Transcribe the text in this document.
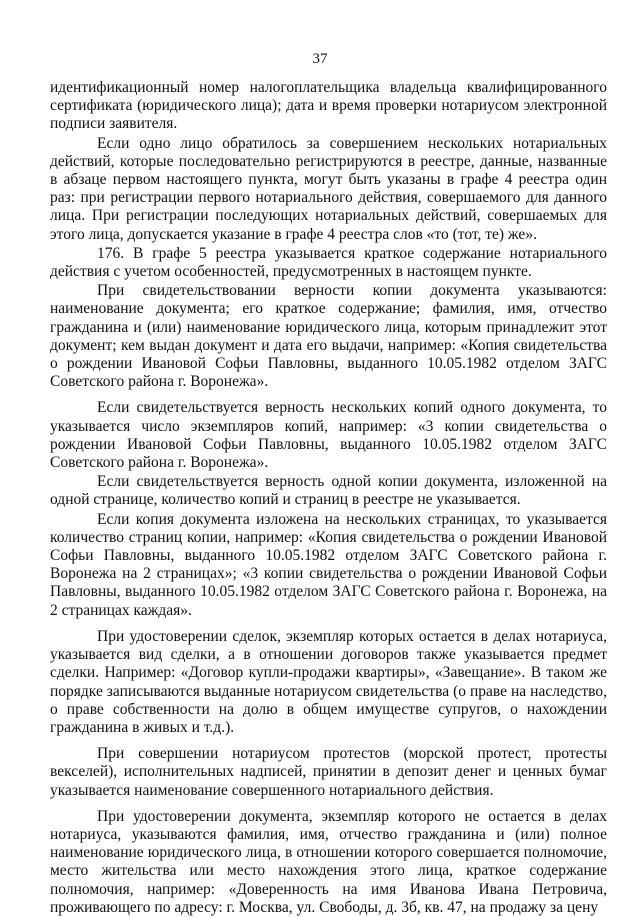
37

идентификационный номер налогоплательщика владельца квалифицированного сертификата (юридического лица); дата и время проверки нотариусом электронной подписи заявителя.

Если одно лицо обратилось за совершением нескольких нотариальных действий, которые последовательно регистрируются в реестре, данные, названные в абзаце первом настоящего пункта, могут быть указаны в графе 4 реестра один раз: при регистрации первого нотариального действия, совершаемого для данного лица. При регистрации последующих нотариальных действий, совершаемых для этого лица, допускается указание в графе 4 реестра слов «то (тот, те) же».

176. В графе 5 реестра указывается краткое содержание нотариального действия с учетом особенностей, предусмотренных в настоящем пункте.

При свидетельствовании верности копии документа указываются: наименование документа; его краткое содержание; фамилия, имя, отчество гражданина и (или) наименование юридического лица, которым принадлежит этот документ; кем выдан документ и дата его выдачи, например: «Копия свидетельства о рождении Ивановой Софьи Павловны, выданного 10.05.1982 отделом ЗАГС Советского района г. Воронежа».

Если свидетельствуется верность нескольких копий одного документа, то указывается число экземпляров копий, например: «3 копии свидетельства о рождении Ивановой Софьи Павловны, выданного 10.05.1982 отделом ЗАГС Советского района г. Воронежа».

Если свидетельствуется верность одной копии документа, изложенной на одной странице, количество копий и страниц в реестре не указывается.

Если копия документа изложена на нескольких страницах, то указывается количество страниц копии, например: «Копия свидетельства о рождении Ивановой Софьи Павловны, выданного 10.05.1982 отделом ЗАГС Советского района г. Воронежа на 2 страницах»; «3 копии свидетельства о рождении Ивановой Софьи Павловны, выданного 10.05.1982 отделом ЗАГС Советского района г. Воронежа, на 2 страницах каждая».

При удостоверении сделок, экземпляр которых остается в делах нотариуса, указывается вид сделки, а в отношении договоров также указывается предмет сделки. Например: «Договор купли-продажи квартиры», «Завещание». В таком же порядке записываются выданные нотариусом свидетельства (о праве на наследство, о праве собственности на долю в общем имуществе супругов, о нахождении гражданина в живых и т.д.).

При совершении нотариусом протестов (морской протест, протесты векселей), исполнительных надписей, принятии в депозит денег и ценных бумаг указывается наименование совершенного нотариального действия.

При удостоверении документа, экземпляр которого не остается в делах нотариуса, указываются фамилия, имя, отчество гражданина и (или) полное наименование юридического лица, в отношении которого совершается полномочие, место жительства или место нахождения этого лица, краткое содержание полномочия, например: «Доверенность на имя Иванова Ивана Петровича, проживающего по адресу: г. Москва, ул. Свободы, д. 3б, кв. 47, на продажу за цену
